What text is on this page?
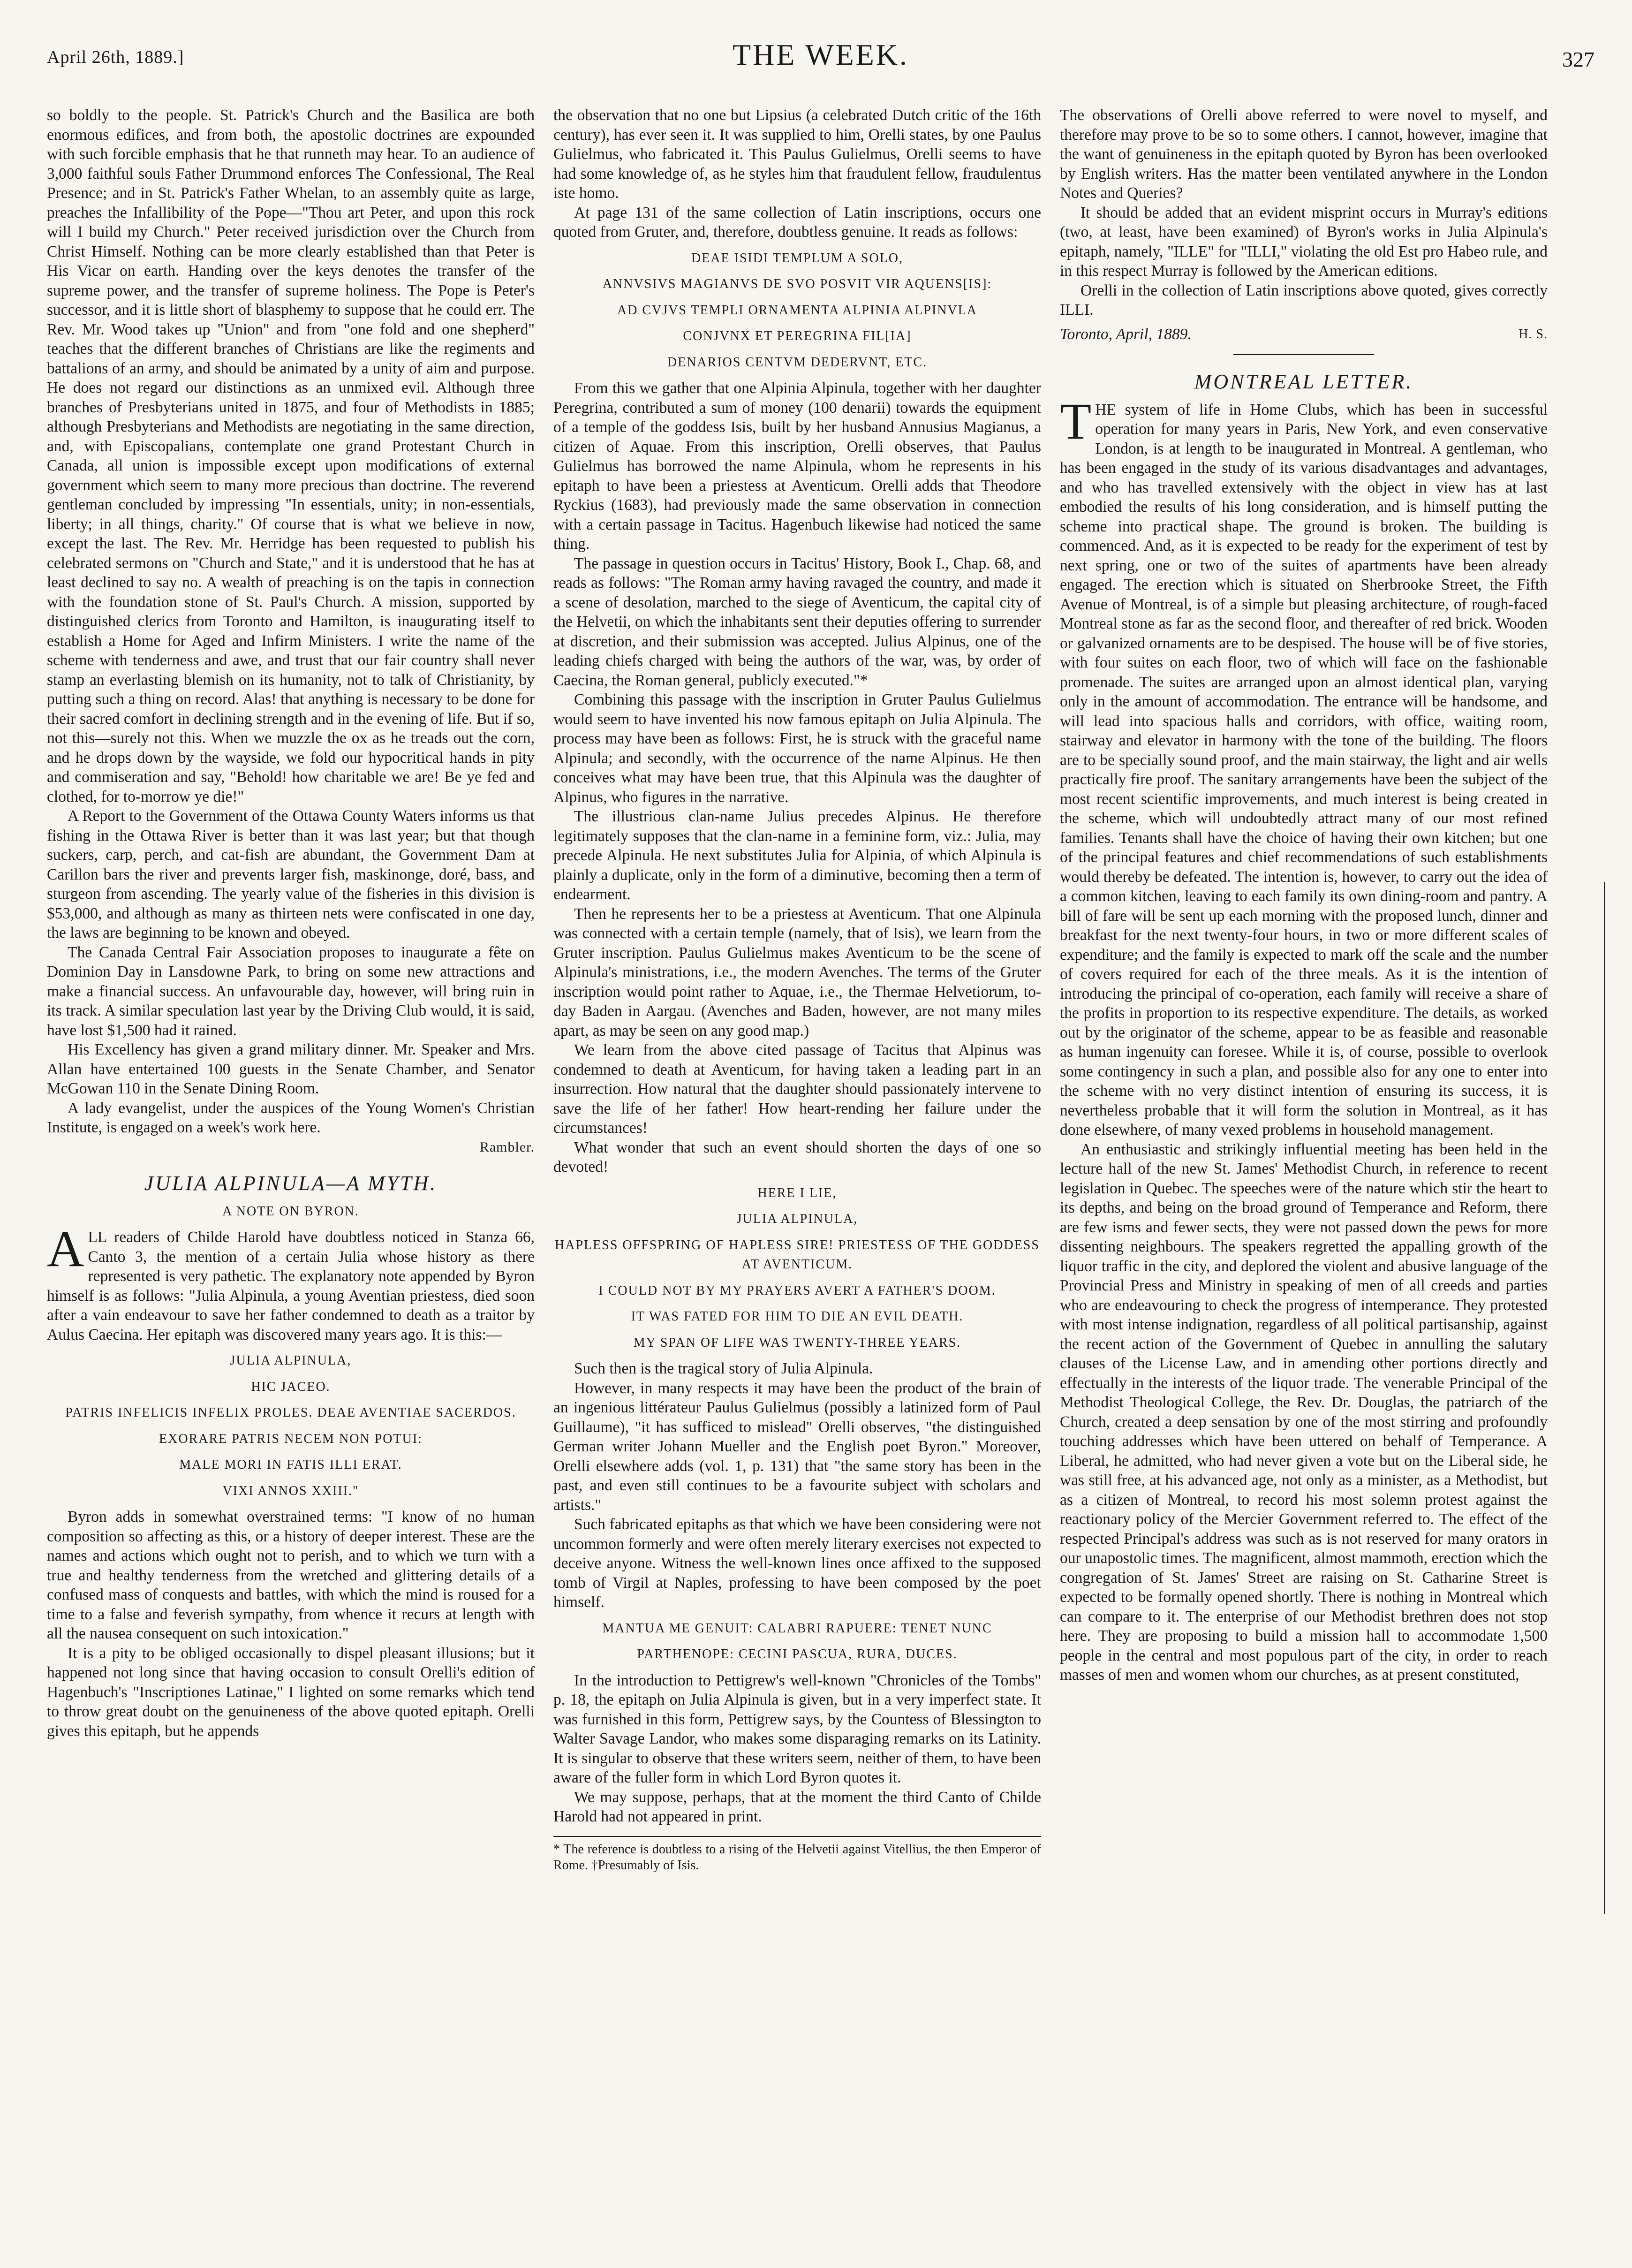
April 26th, 1889.]	THE WEEK.	327

so boldly to the people. St. Patrick's Church and the Basilica are both enormous edifices, and from both, the apostolic doctrines are expounded with such forcible emphasis that he that runneth may hear. To an audience of 3,000 faithful souls Father Drummond enforces The Confessional, The Real Presence; and in St. Patrick's Father Whelan, to an assembly quite as large, preaches the Infallibility of the Pope—"Thou art Peter, and upon this rock will I build my Church." Peter received jurisdiction over the Church from Christ Himself. Nothing can be more clearly established than that Peter is His Vicar on earth. Handing over the keys denotes the transfer of the supreme power, and the transfer of supreme holiness. The Pope is Peter's successor, and it is little short of blasphemy to suppose that he could err. The Rev. Mr. Wood takes up "Union" and from "one fold and one shepherd" teaches that the different branches of Christians are like the regiments and battalions of an army, and should be animated by a unity of aim and purpose. He does not regard our distinctions as an unmixed evil. Although three branches of Presbyterians united in 1875, and four of Methodists in 1885; although Presbyterians and Methodists are negotiating in the same direction, and, with Episcopalians, contemplate one grand Protestant Church in Canada, all union is impossible except upon modifications of external government which seem to many more precious than doctrine. The reverend gentleman concluded by impressing "In essentials, unity; in non-essentials, liberty; in all things, charity." Of course that is what we believe in now, except the last. The Rev. Mr. Herridge has been requested to publish his celebrated sermons on "Church and State," and it is understood that he has at least declined to say no. A wealth of preaching is on the tapis in connection with the foundation stone of St. Paul's Church. A mission, supported by distinguished clerics from Toronto and Hamilton, is inaugurating itself to establish a Home for Aged and Infirm Ministers. I write the name of the scheme with tenderness and awe, and trust that our fair country shall never stamp an everlasting blemish on its humanity, not to talk of Christianity, by putting such a thing on record. Alas! that anything is necessary to be done for their sacred comfort in declining strength and in the evening of life. But if so, not this—surely not this. When we muzzle the ox as he treads out the corn, and he drops down by the wayside, we fold our hypocritical hands in pity and commiseration and say, "Behold! how charitable we are! Be ye fed and clothed, for to-morrow ye die!"

A Report to the Government of the Ottawa County Waters informs us that fishing in the Ottawa River is better than it was last year; but that though suckers, carp, perch, and cat-fish are abundant, the Government Dam at Carillon bars the river and prevents larger fish, maskinonge, doré, bass, and sturgeon from ascending. The yearly value of the fisheries in this division is $53,000, and although as many as thirteen nets were confiscated in one day, the laws are beginning to be known and obeyed.

The Canada Central Fair Association proposes to inaugurate a fête on Dominion Day in Lansdowne Park, to bring on some new attractions and make a financial success. An unfavourable day, however, will bring ruin in its track. A similar speculation last year by the Driving Club would, it is said, have lost $1,500 had it rained.

His Excellency has given a grand military dinner. Mr. Speaker and Mrs. Allan have entertained 100 guests in the Senate Chamber, and Senator McGowan 110 in the Senate Dining Room.

A lady evangelist, under the auspices of the Young Women's Christian Institute, is engaged on a week's work here.

Rambler.

JULIA ALPINULA—A MYTH.

A NOTE ON BYRON.

ALL readers of Childe Harold have doubtless noticed in Stanza 66, Canto 3, the mention of a certain Julia whose history as there represented is very pathetic. The explanatory note appended by Byron himself is as follows: "Julia Alpinula, a young Aventian priestess, died soon after a vain endeavour to save her father condemned to death as a traitor by Aulus Caecina. Her epitaph was discovered many years ago. It is this:—

JULIA ALPINULA,

HIC JACEO.

PATRIS INFELICIS INFELIX PROLES. DEAE AVENTIAE SACERDOS.

EXORARE PATRIS NECEM NON POTUI:

MALE MORI IN FATIS ILLI ERAT.

VIXI ANNOS XXIII."

Byron adds in somewhat overstrained terms: "I know of no human composition so affecting as this, or a history of deeper interest. These are the names and actions which ought not to perish, and to which we turn with a true and healthy tenderness from the wretched and glittering details of a confused mass of conquests and battles, with which the mind is roused for a time to a false and feverish sympathy, from whence it recurs at length with all the nausea consequent on such intoxication."

It is a pity to be obliged occasionally to dispel pleasant illusions; but it happened not long since that having occasion to consult Orelli's edition of Hagenbuch's "Inscriptiones Latinae," I lighted on some remarks which tend to throw great doubt on the genuineness of the above quoted epitaph. Orelli gives this epitaph, but he appends

the observation that no one but Lipsius (a celebrated Dutch critic of the 16th century), has ever seen it. It was supplied to him, Orelli states, by one Paulus Gulielmus, who fabricated it. This Paulus Gulielmus, Orelli seems to have had some knowledge of, as he styles him that fraudulent fellow, fraudulentus iste homo.

At page 131 of the same collection of Latin inscriptions, occurs one quoted from Gruter, and, therefore, doubtless genuine. It reads as follows:

DEAE ISIDI TEMPLUM A SOLO,

ANNVSIVS MAGIANVS DE SVO POSVIT VIR AQUENS[IS]:

AD CVJVS TEMPLI ORNAMENTA ALPINIA ALPINVLA

CONJVNX ET PEREGRINA FIL[IA]

DENARIOS CENTVM DEDERVNT, ETC.

From this we gather that one Alpinia Alpinula, together with her daughter Peregrina, contributed a sum of money (100 denarii) towards the equipment of a temple of the goddess Isis, built by her husband Annusius Magianus, a citizen of Aquae. From this inscription, Orelli observes, that Paulus Gulielmus has borrowed the name Alpinula, whom he represents in his epitaph to have been a priestess at Aventicum. Orelli adds that Theodore Ryckius (1683), had previously made the same observation in connection with a certain passage in Tacitus. Hagenbuch likewise had noticed the same thing.

The passage in question occurs in Tacitus' History, Book I., Chap. 68, and reads as follows: "The Roman army having ravaged the country, and made it a scene of desolation, marched to the siege of Aventicum, the capital city of the Helvetii, on which the inhabitants sent their deputies offering to surrender at discretion, and their submission was accepted. Julius Alpinus, one of the leading chiefs charged with being the authors of the war, was, by order of Caecina, the Roman general, publicly executed."*

Combining this passage with the inscription in Gruter Paulus Gulielmus would seem to have invented his now famous epitaph on Julia Alpinula. The process may have been as follows: First, he is struck with the graceful name Alpinula; and secondly, with the occurrence of the name Alpinus. He then conceives what may have been true, that this Alpinula was the daughter of Alpinus, who figures in the narrative.

The illustrious clan-name Julius precedes Alpinus. He therefore legitimately supposes that the clan-name in a feminine form, viz.: Julia, may precede Alpinula. He next substitutes Julia for Alpinia, of which Alpinula is plainly a duplicate, only in the form of a diminutive, becoming then a term of endearment.

Then he represents her to be a priestess at Aventicum. That one Alpinula was connected with a certain temple (namely, that of Isis), we learn from the Gruter inscription. Paulus Gulielmus makes Aventicum to be the scene of Alpinula's ministrations, i.e., the modern Avenches. The terms of the Gruter inscription would point rather to Aquae, i.e., the Thermae Helvetiorum, to-day Baden in Aargau. (Avenches and Baden, however, are not many miles apart, as may be seen on any good map.)

We learn from the above cited passage of Tacitus that Alpinus was condemned to death at Aventicum, for having taken a leading part in an insurrection. How natural that the daughter should passionately intervene to save the life of her father! How heart-rending her failure under the circumstances!

What wonder that such an event should shorten the days of one so devoted!

HERE I LIE,

JULIA ALPINULA,

HAPLESS OFFSPRING OF HAPLESS SIRE! PRIESTESS OF THE GODDESS AT AVENTICUM.

I COULD NOT BY MY PRAYERS AVERT A FATHER'S DOOM.

IT WAS FATED FOR HIM TO DIE AN EVIL DEATH.

MY SPAN OF LIFE WAS TWENTY-THREE YEARS.

Such then is the tragical story of Julia Alpinula.

However, in many respects it may have been the product of the brain of an ingenious littérateur Paulus Gulielmus (possibly a latinized form of Paul Guillaume), "it has sufficed to mislead" Orelli observes, "the distinguished German writer Johann Mueller and the English poet Byron." Moreover, Orelli elsewhere adds (vol. 1, p. 131) that "the same story has been in the past, and even still continues to be a favourite subject with scholars and artists."

Such fabricated epitaphs as that which we have been considering were not uncommon formerly and were often merely literary exercises not expected to deceive anyone. Witness the well-known lines once affixed to the supposed tomb of Virgil at Naples, professing to have been composed by the poet himself.

MANTUA ME GENUIT: CALABRI RAPUERE: TENET NUNC

PARTHENOPE: CECINI PASCUA, RURA, DUCES.

In the introduction to Pettigrew's well-known "Chronicles of the Tombs" p. 18, the epitaph on Julia Alpinula is given, but in a very imperfect state. It was furnished in this form, Pettigrew says, by the Countess of Blessington to Walter Savage Landor, who makes some disparaging remarks on its Latinity. It is singular to observe that these writers seem, neither of them, to have been aware of the fuller form in which Lord Byron quotes it.

We may suppose, perhaps, that at the moment the third Canto of Childe Harold had not appeared in print.

* The reference is doubtless to a rising of the Helvetii against Vitellius, the then Emperor of Rome. †Presumably of Isis.

The observations of Orelli above referred to were novel to myself, and therefore may prove to be so to some others. I cannot, however, imagine that the want of genuineness in the epitaph quoted by Byron has been overlooked by English writers. Has the matter been ventilated anywhere in the London Notes and Queries?

It should be added that an evident misprint occurs in Murray's editions (two, at least, have been examined) of Byron's works in Julia Alpinula's epitaph, namely, "ILLE" for "ILLI," violating the old Est pro Habeo rule, and in this respect Murray is followed by the American editions.

Orelli in the collection of Latin inscriptions above quoted, gives correctly ILLI.

Toronto, April, 1889.	H. S.
MONTREAL LETTER.

THE system of life in Home Clubs, which has been in successful operation for many years in Paris, New York, and even conservative London, is at length to be inaugurated in Montreal. A gentleman, who has been engaged in the study of its various disadvantages and advantages, and who has travelled extensively with the object in view has at last embodied the results of his long consideration, and is himself putting the scheme into practical shape. The ground is broken. The building is commenced. And, as it is expected to be ready for the experiment of test by next spring, one or two of the suites of apartments have been already engaged. The erection which is situated on Sherbrooke Street, the Fifth Avenue of Montreal, is of a simple but pleasing architecture, of rough-faced Montreal stone as far as the second floor, and thereafter of red brick. Wooden or galvanized ornaments are to be despised. The house will be of five stories, with four suites on each floor, two of which will face on the fashionable promenade. The suites are arranged upon an almost identical plan, varying only in the amount of accommodation. The entrance will be handsome, and will lead into spacious halls and corridors, with office, waiting room, stairway and elevator in harmony with the tone of the building. The floors are to be specially sound proof, and the main stairway, the light and air wells practically fire proof. The sanitary arrangements have been the subject of the most recent scientific improvements, and much interest is being created in the scheme, which will undoubtedly attract many of our most refined families. Tenants shall have the choice of having their own kitchen; but one of the principal features and chief recommendations of such establishments would thereby be defeated. The intention is, however, to carry out the idea of a common kitchen, leaving to each family its own dining-room and pantry. A bill of fare will be sent up each morning with the proposed lunch, dinner and breakfast for the next twenty-four hours, in two or more different scales of expenditure; and the family is expected to mark off the scale and the number of covers required for each of the three meals. As it is the intention of introducing the principal of co-operation, each family will receive a share of the profits in proportion to its respective expenditure. The details, as worked out by the originator of the scheme, appear to be as feasible and reasonable as human ingenuity can foresee. While it is, of course, possible to overlook some contingency in such a plan, and possible also for any one to enter into the scheme with no very distinct intention of ensuring its success, it is nevertheless probable that it will form the solution in Montreal, as it has done elsewhere, of many vexed problems in household management.

An enthusiastic and strikingly influential meeting has been held in the lecture hall of the new St. James' Methodist Church, in reference to recent legislation in Quebec. The speeches were of the nature which stir the heart to its depths, and being on the broad ground of Temperance and Reform, there are few isms and fewer sects, they were not passed down the pews for more dissenting neighbours. The speakers regretted the appalling growth of the liquor traffic in the city, and deplored the violent and abusive language of the Provincial Press and Ministry in speaking of men of all creeds and parties who are endeavouring to check the progress of intemperance. They protested with most intense indignation, regardless of all political partisanship, against the recent action of the Government of Quebec in annulling the salutary clauses of the License Law, and in amending other portions directly and effectually in the interests of the liquor trade. The venerable Principal of the Methodist Theological College, the Rev. Dr. Douglas, the patriarch of the Church, created a deep sensation by one of the most stirring and profoundly touching addresses which have been uttered on behalf of Temperance. A Liberal, he admitted, who had never given a vote but on the Liberal side, he was still free, at his advanced age, not only as a minister, as a Methodist, but as a citizen of Montreal, to record his most solemn protest against the reactionary policy of the Mercier Government referred to. The effect of the respected Principal's address was such as is not reserved for many orators in our unapostolic times. The magnificent, almost mammoth, erection which the congregation of St. James' Street are raising on St. Catharine Street is expected to be formally opened shortly. There is nothing in Montreal which can compare to it. The enterprise of our Methodist brethren does not stop here. They are proposing to build a mission hall to accommodate 1,500 people in the central and most populous part of the city, in order to reach masses of men and women whom our churches, as at present constituted,
